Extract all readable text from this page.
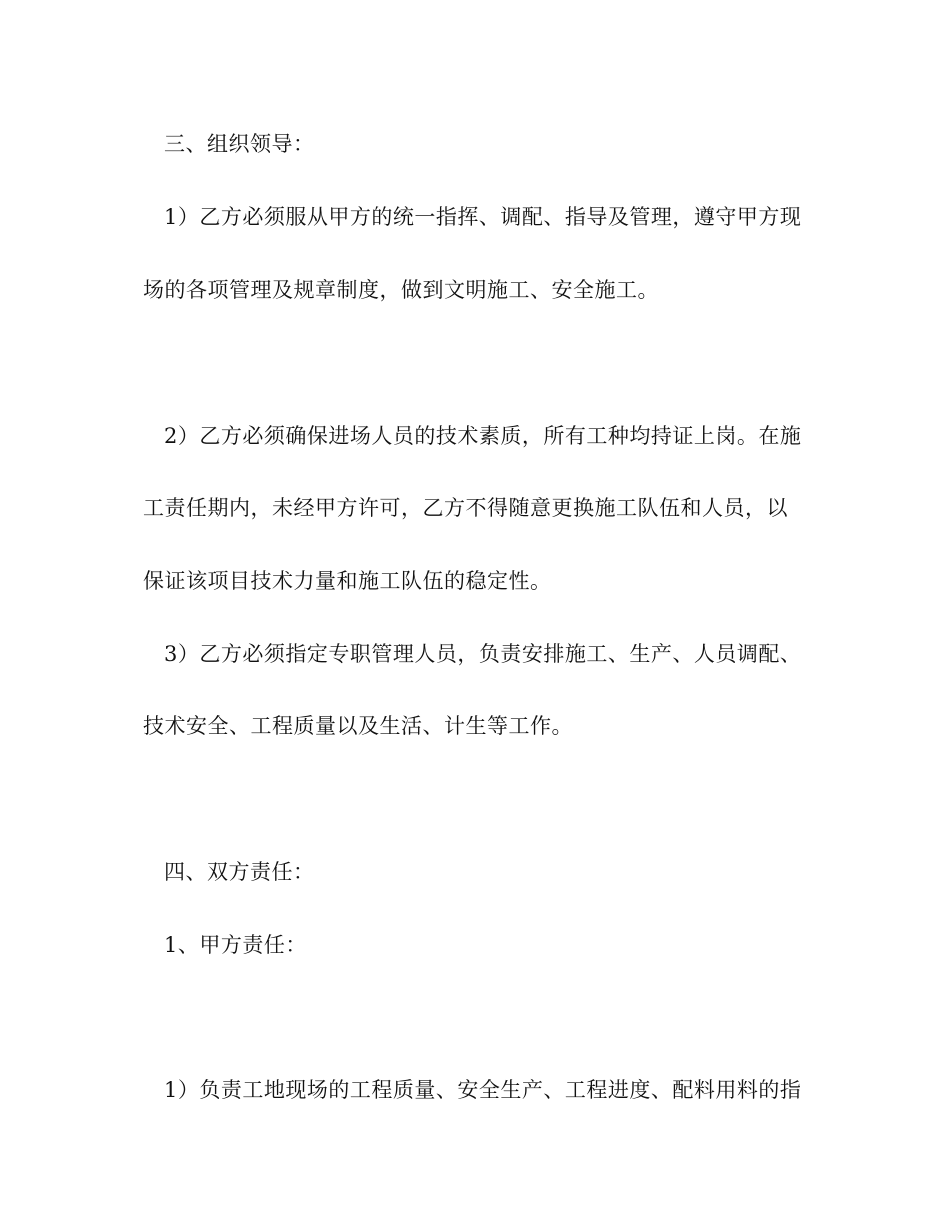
三、组织领导：
1）乙方必须服从甲方的统一指挥、调配、指导及管理，遵守甲方现
场的各项管理及规章制度，做到文明施工、安全施工。
2）乙方必须确保进场人员的技术素质，所有工种均持证上岗。在施
工责任期内，未经甲方许可，乙方不得随意更换施工队伍和人员，以
保证该项目技术力量和施工队伍的稳定性。
3）乙方必须指定专职管理人员，负责安排施工、生产、人员调配、
技术安全、工程质量以及生活、计生等工作。
四、双方责任：
1、甲方责任：
1）负责工地现场的工程质量、安全生产、工程进度、配料用料的指
